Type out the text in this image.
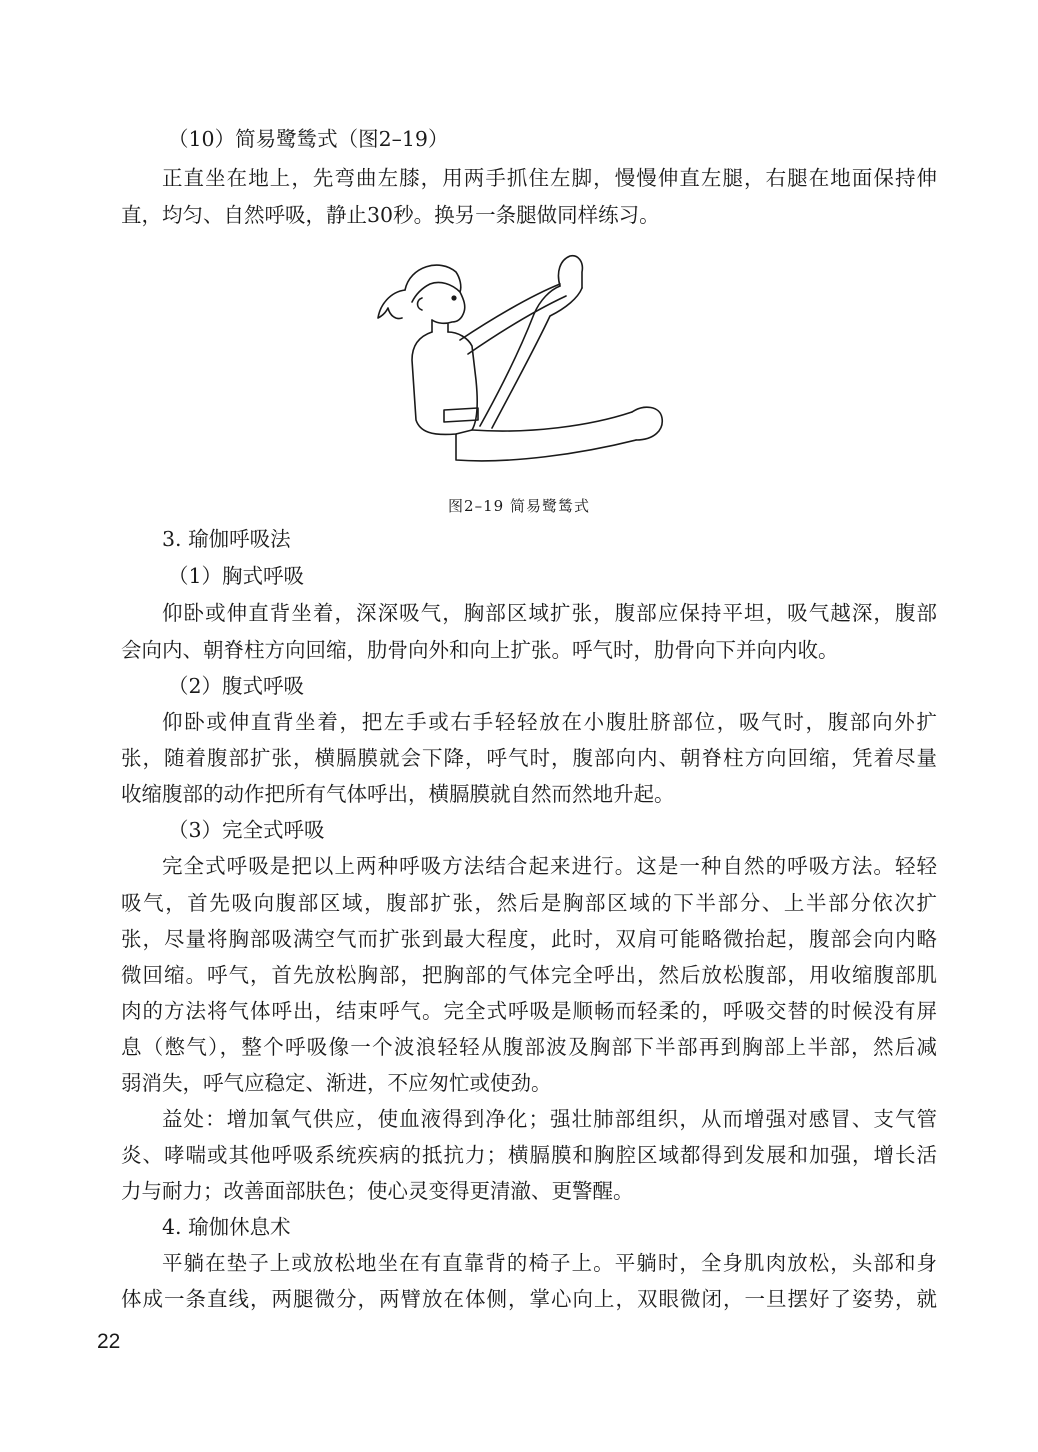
（10）简易鹭鸶式（图2–19）
正直坐在地上，先弯曲左膝，用两手抓住左脚，慢慢伸直左腿，右腿在地面保持伸
直，均匀、自然呼吸，静止30秒。换另一条腿做同样练习。
图2–19 简易鹭鸶式
3. 瑜伽呼吸法
（1）胸式呼吸
仰卧或伸直背坐着，深深吸气，胸部区域扩张，腹部应保持平坦，吸气越深，腹部
会向内、朝脊柱方向回缩，肋骨向外和向上扩张。呼气时，肋骨向下并向内收。
（2）腹式呼吸
仰卧或伸直背坐着，把左手或右手轻轻放在小腹肚脐部位，吸气时，腹部向外扩
张，随着腹部扩张，横膈膜就会下降，呼气时，腹部向内、朝脊柱方向回缩，凭着尽量
收缩腹部的动作把所有气体呼出，横膈膜就自然而然地升起。
（3）完全式呼吸
完全式呼吸是把以上两种呼吸方法结合起来进行。这是一种自然的呼吸方法。轻轻
吸气，首先吸向腹部区域，腹部扩张，然后是胸部区域的下半部分、上半部分依次扩
张，尽量将胸部吸满空气而扩张到最大程度，此时，双肩可能略微抬起，腹部会向内略
微回缩。呼气，首先放松胸部，把胸部的气体完全呼出，然后放松腹部，用收缩腹部肌
肉的方法将气体呼出，结束呼气。完全式呼吸是顺畅而轻柔的，呼吸交替的时候没有屏
息（憋气），整个呼吸像一个波浪轻轻从腹部波及胸部下半部再到胸部上半部，然后减
弱消失，呼气应稳定、渐进，不应匆忙或使劲。
益处：增加氧气供应，使血液得到净化；强壮肺部组织，从而增强对感冒、支气管
炎、哮喘或其他呼吸系统疾病的抵抗力；横膈膜和胸腔区域都得到发展和加强，增长活
力与耐力；改善面部肤色；使心灵变得更清澈、更警醒。
4. 瑜伽休息术
平躺在垫子上或放松地坐在有直靠背的椅子上。平躺时，全身肌肉放松，头部和身
体成一条直线，两腿微分，两臂放在体侧，掌心向上，双眼微闭，一旦摆好了姿势，就
22
